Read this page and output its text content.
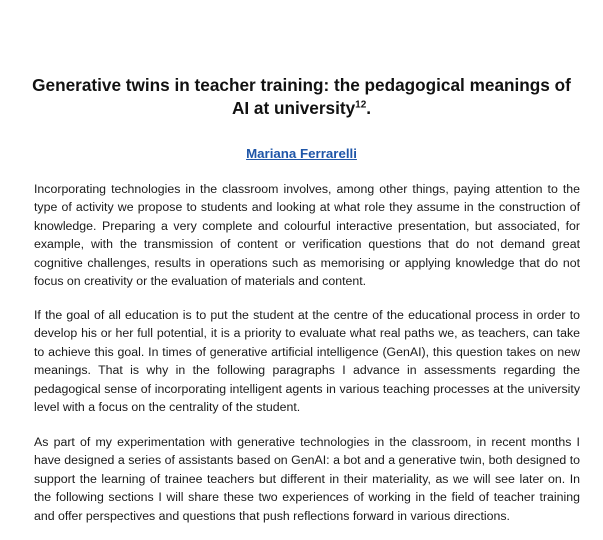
Generative twins in teacher training: the pedagogical meanings of AI at university$^{12}$.
Mariana Ferrarelli

Incorporating technologies in the classroom involves, among other things, paying attention to the type of activity we propose to students and looking at what role they assume in the construction of knowledge. Preparing a very complete and colourful interactive presentation, but associated, for example, with the transmission of content or verification questions that do not demand great cognitive challenges, results in operations such as memorising or applying knowledge that do not focus on creativity or the evaluation of materials and content.

If the goal of all education is to put the student at the centre of the educational process in order to develop his or her full potential, it is a priority to evaluate what real paths we, as teachers, can take to achieve this goal. In times of generative artificial intelligence (GenAI), this question takes on new meanings. That is why in the following paragraphs I advance in assessments regarding the pedagogical sense of incorporating intelligent agents in various teaching processes at the university level with a focus on the centrality of the student.

As part of my experimentation with generative technologies in the classroom, in recent months I have designed a series of assistants based on GenAI: a bot and a generative twin, both designed to support the learning of trainee teachers but different in their materiality, as we will see later on. In the following sections I will share these two experiences of working in the field of teacher training and offer perspectives and questions that push reflections forward in various directions.
